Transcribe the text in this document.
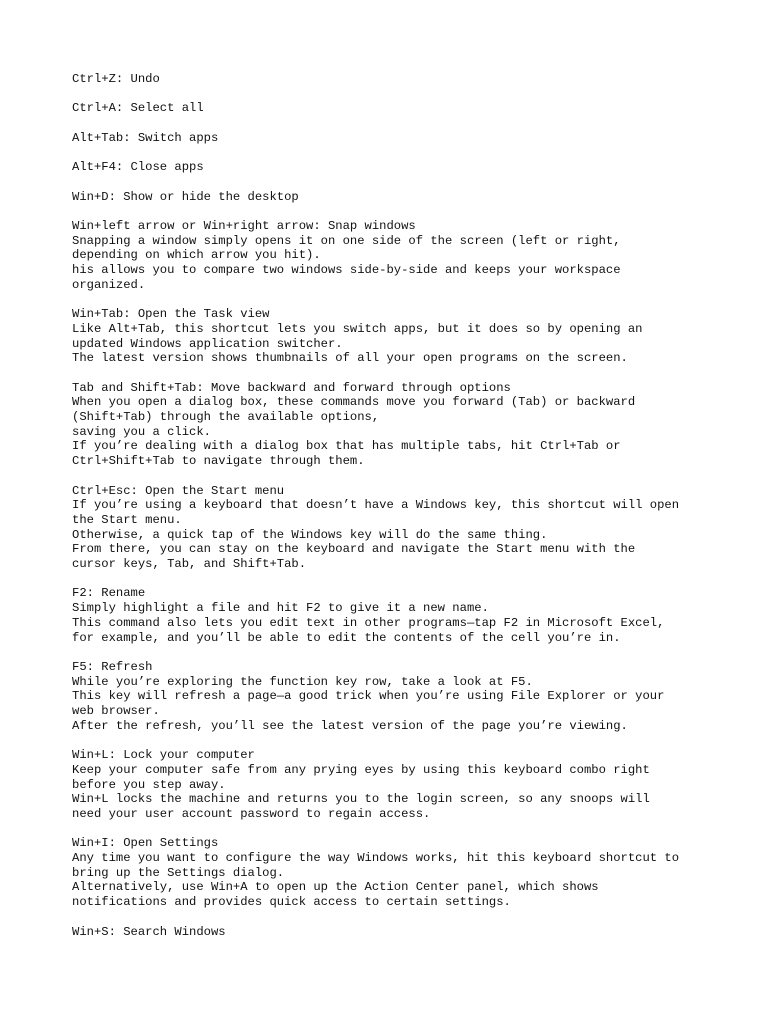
Ctrl+Z: Undo
Ctrl+A: Select all
Alt+Tab: Switch apps
Alt+F4: Close apps
Win+D: Show or hide the desktop
Win+left arrow or Win+right arrow: Snap windows
Snapping a window simply opens it on one side of the screen (left or right,
depending on which arrow you hit).
his allows you to compare two windows side-by-side and keeps your workspace
organized.
Win+Tab: Open the Task view
Like Alt+Tab, this shortcut lets you switch apps, but it does so by opening an
updated Windows application switcher.
The latest version shows thumbnails of all your open programs on the screen.
Tab and Shift+Tab: Move backward and forward through options
When you open a dialog box, these commands move you forward (Tab) or backward
(Shift+Tab) through the available options,
saving you a click.
If you’re dealing with a dialog box that has multiple tabs, hit Ctrl+Tab or
Ctrl+Shift+Tab to navigate through them.
Ctrl+Esc: Open the Start menu
If you’re using a keyboard that doesn’t have a Windows key, this shortcut will open
the Start menu.
Otherwise, a quick tap of the Windows key will do the same thing.
From there, you can stay on the keyboard and navigate the Start menu with the
cursor keys, Tab, and Shift+Tab.
F2: Rename
Simply highlight a file and hit F2 to give it a new name.
This command also lets you edit text in other programs—tap F2 in Microsoft Excel,
for example, and you’ll be able to edit the contents of the cell you’re in.
F5: Refresh
While you’re exploring the function key row, take a look at F5.
This key will refresh a page—a good trick when you’re using File Explorer or your
web browser.
After the refresh, you’ll see the latest version of the page you’re viewing.
Win+L: Lock your computer
Keep your computer safe from any prying eyes by using this keyboard combo right
before you step away.
Win+L locks the machine and returns you to the login screen, so any snoops will
need your user account password to regain access.
Win+I: Open Settings
Any time you want to configure the way Windows works, hit this keyboard shortcut to
bring up the Settings dialog.
Alternatively, use Win+A to open up the Action Center panel, which shows
notifications and provides quick access to certain settings.
Win+S: Search Windows
